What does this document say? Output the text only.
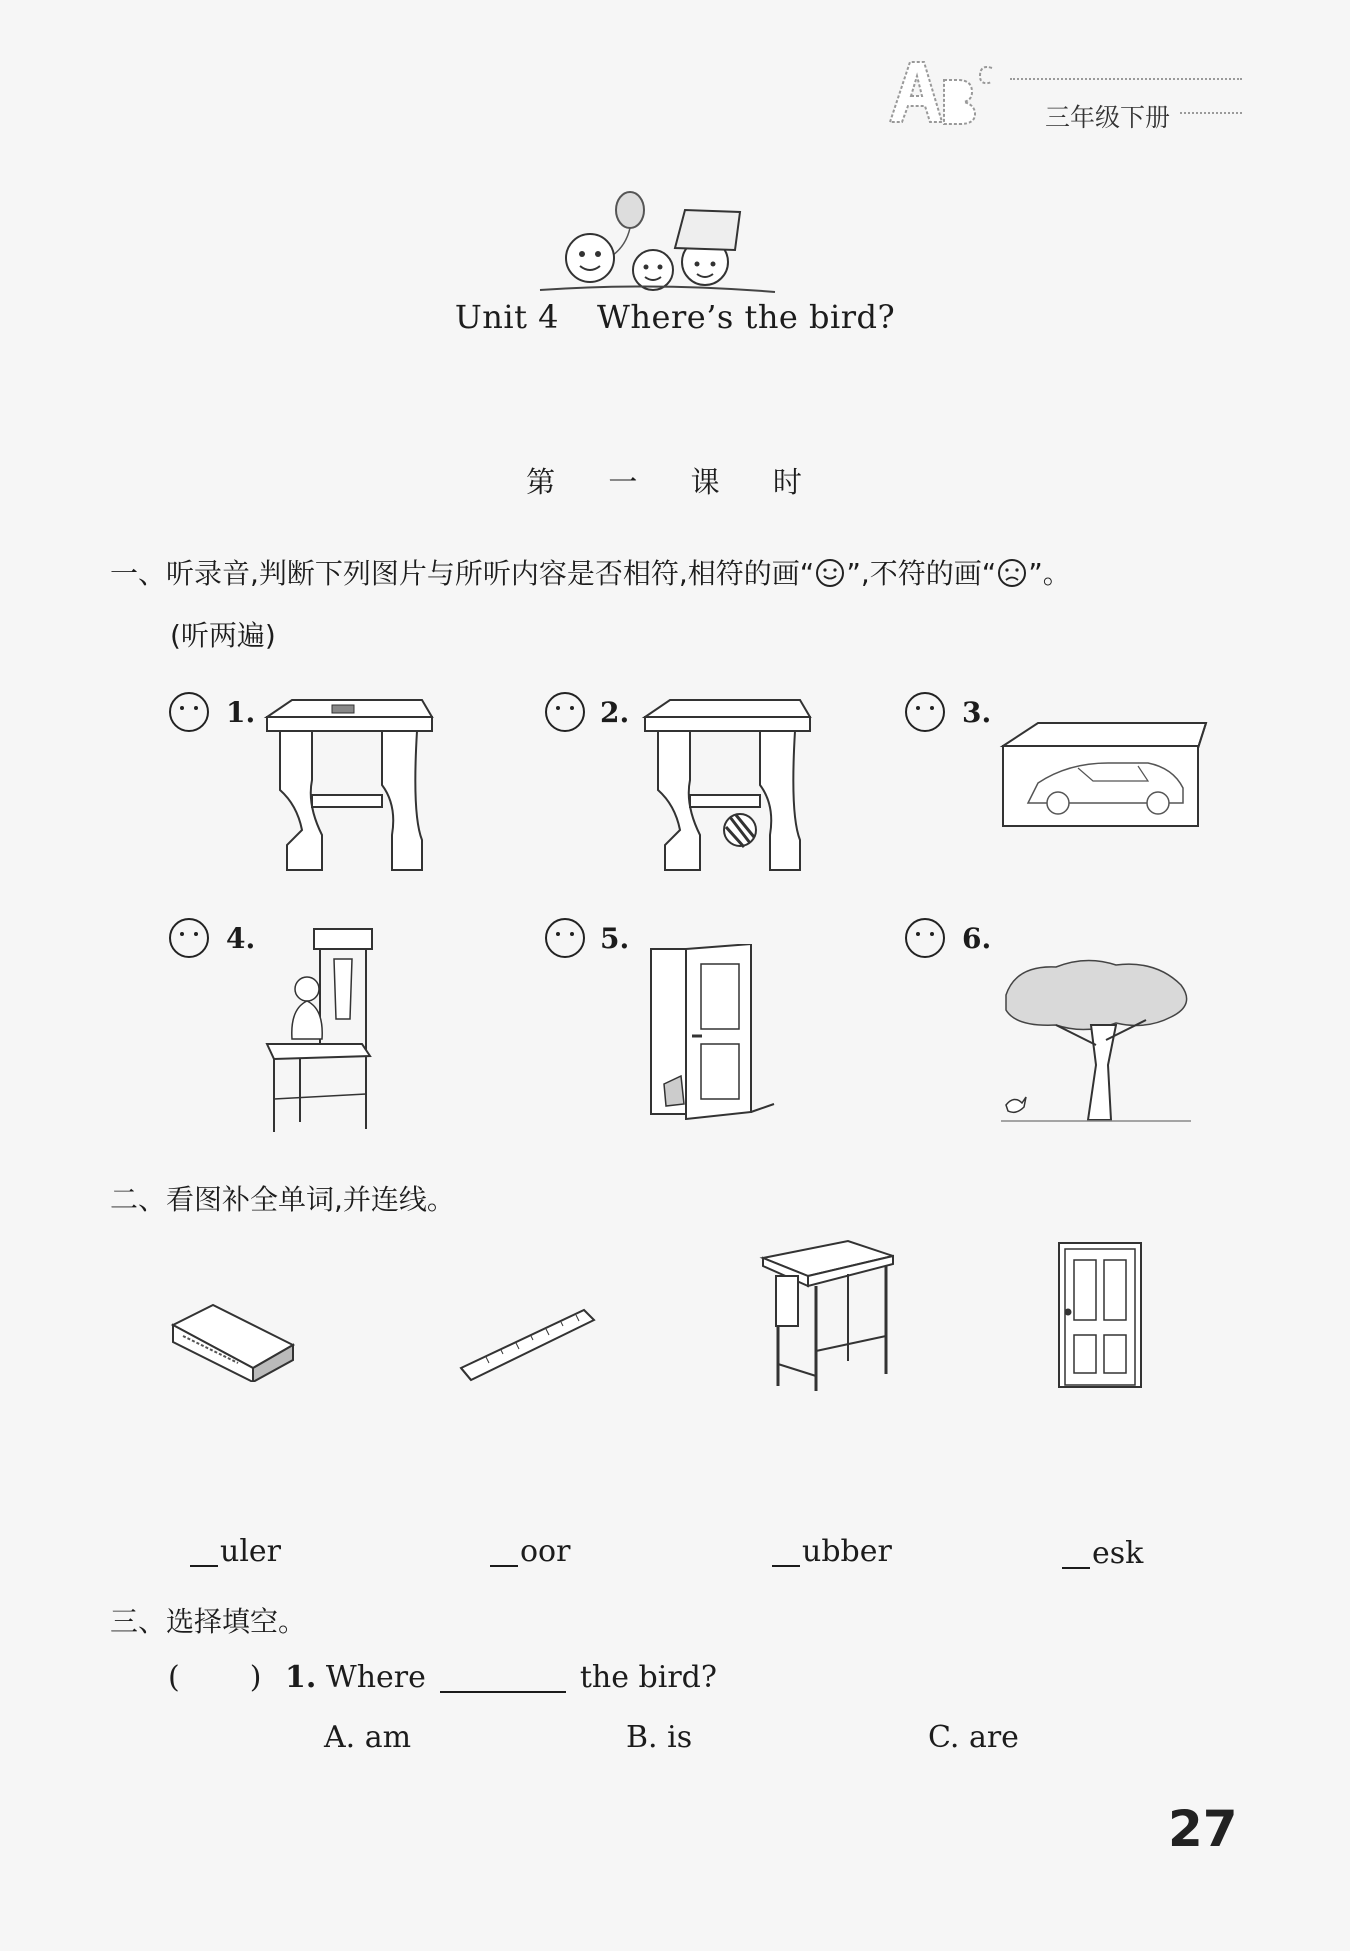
三年级下册
Unit 4 Where’s the bird?
第 一 课 时
一、听录音,判断下列图片与所听内容是否相符,相符的画“ ”,不符的画“ ”。
(听两遍)
1.	2.	3.
4.	5.	6.
二、看图补全单词,并连线。
uler	oor	ubber	esk
三、选择填空。
( ) 1. Where	the bird?
A. am	B. is	C. are
27
